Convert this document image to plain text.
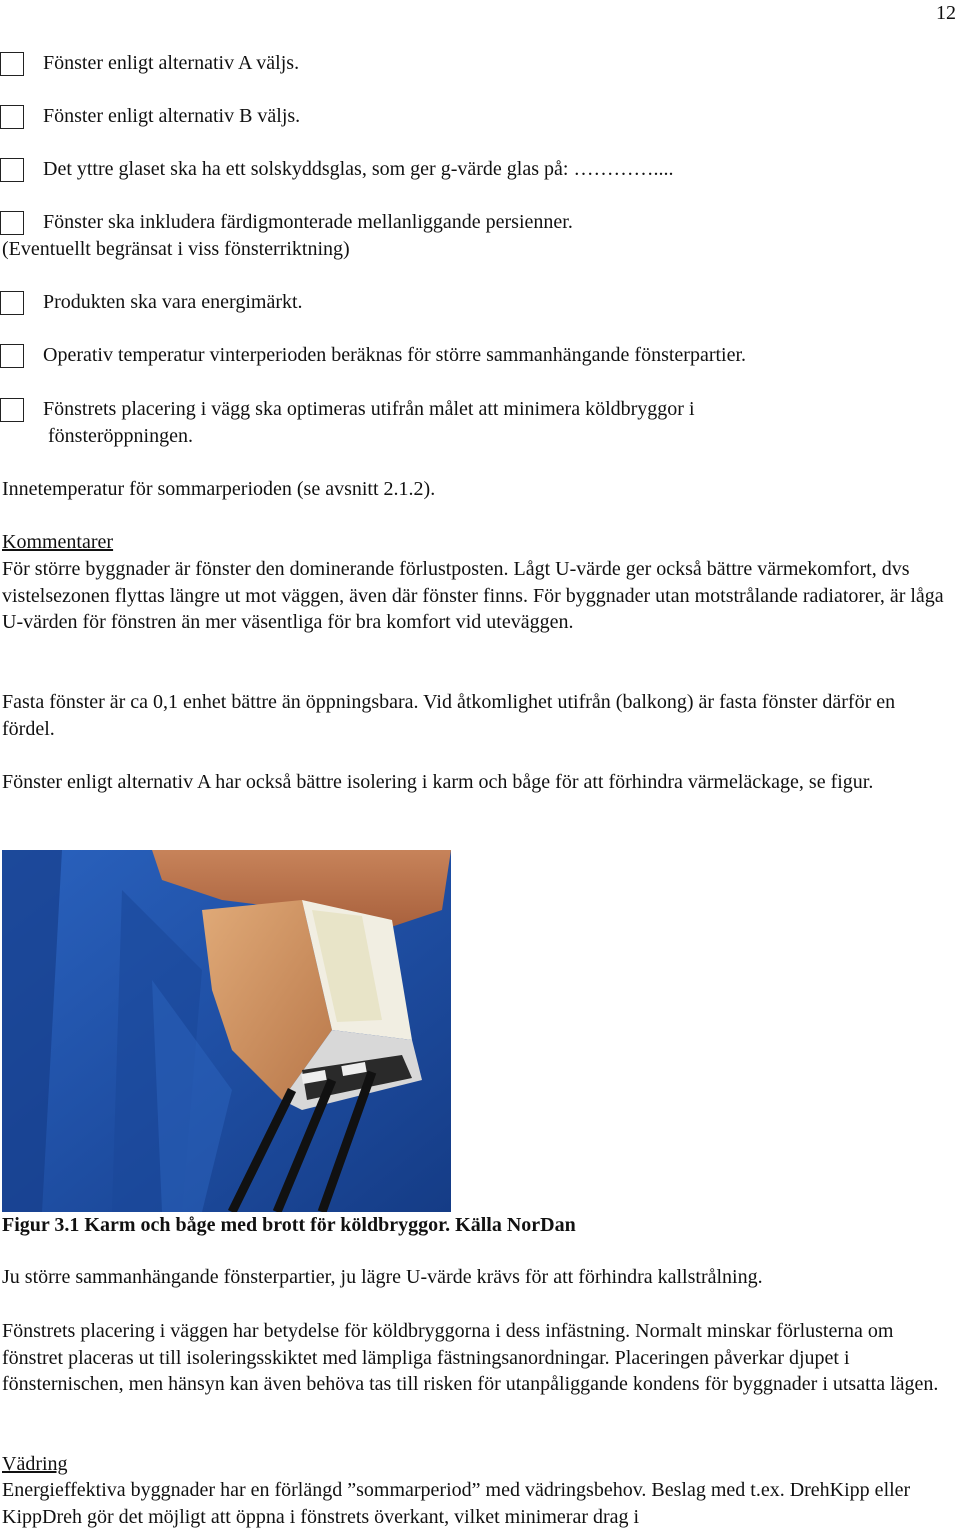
12
Fönster enligt alternativ A väljs.
Fönster enligt alternativ B väljs.
Det yttre glaset ska ha ett solskyddsglas, som ger g-värde glas på: …………....
Fönster ska inkludera färdigmonterade mellanliggande persienner.
(Eventuellt begränsat i viss fönsterriktning)
Produkten ska vara energimärkt.
Operativ temperatur vinterperioden beräknas för större sammanhängande fönsterpartier.
Fönstrets placering i vägg ska optimeras utifrån målet att minimera köldbryggor i
fönsteröppningen.
Innetemperatur för sommarperioden (se avsnitt 2.1.2).
Kommentarer
För större byggnader är fönster den dominerande förlustposten. Lågt U-värde ger också bättre värmekomfort, dvs vistelsezonen flyttas längre ut mot väggen, även där fönster finns. För byggnader utan motstrålande radiatorer, är låga U-värden för fönstren än mer väsentliga för bra komfort vid uteväggen.
Fasta fönster är ca 0,1 enhet bättre än öppningsbara. Vid åtkomlighet utifrån (balkong) är fasta fönster därför en fördel.
Fönster enligt alternativ A har också bättre isolering i karm och båge för att förhindra värmeläckage, se figur.
Figur 3.1 Karm och båge med brott för köldbryggor. Källa NorDan
Ju större sammanhängande fönsterpartier, ju lägre U-värde krävs för att förhindra kallstrålning.
Fönstrets placering i väggen har betydelse för köldbryggorna i dess infästning. Normalt minskar förlusterna om fönstret placeras ut till isoleringsskiktet med lämpliga fästningsanordningar. Placeringen påverkar djupet i fönsternischen, men hänsyn kan även behöva tas till risken för utanpåliggande kondens för byggnader i utsatta lägen.
Vädring
Energieffektiva byggnader har en förlängd ”sommarperiod” med vädringsbehov. Beslag med t.ex. DrehKipp eller KippDreh gör det möjligt att öppna i fönstrets överkant, vilket minimerar drag i
